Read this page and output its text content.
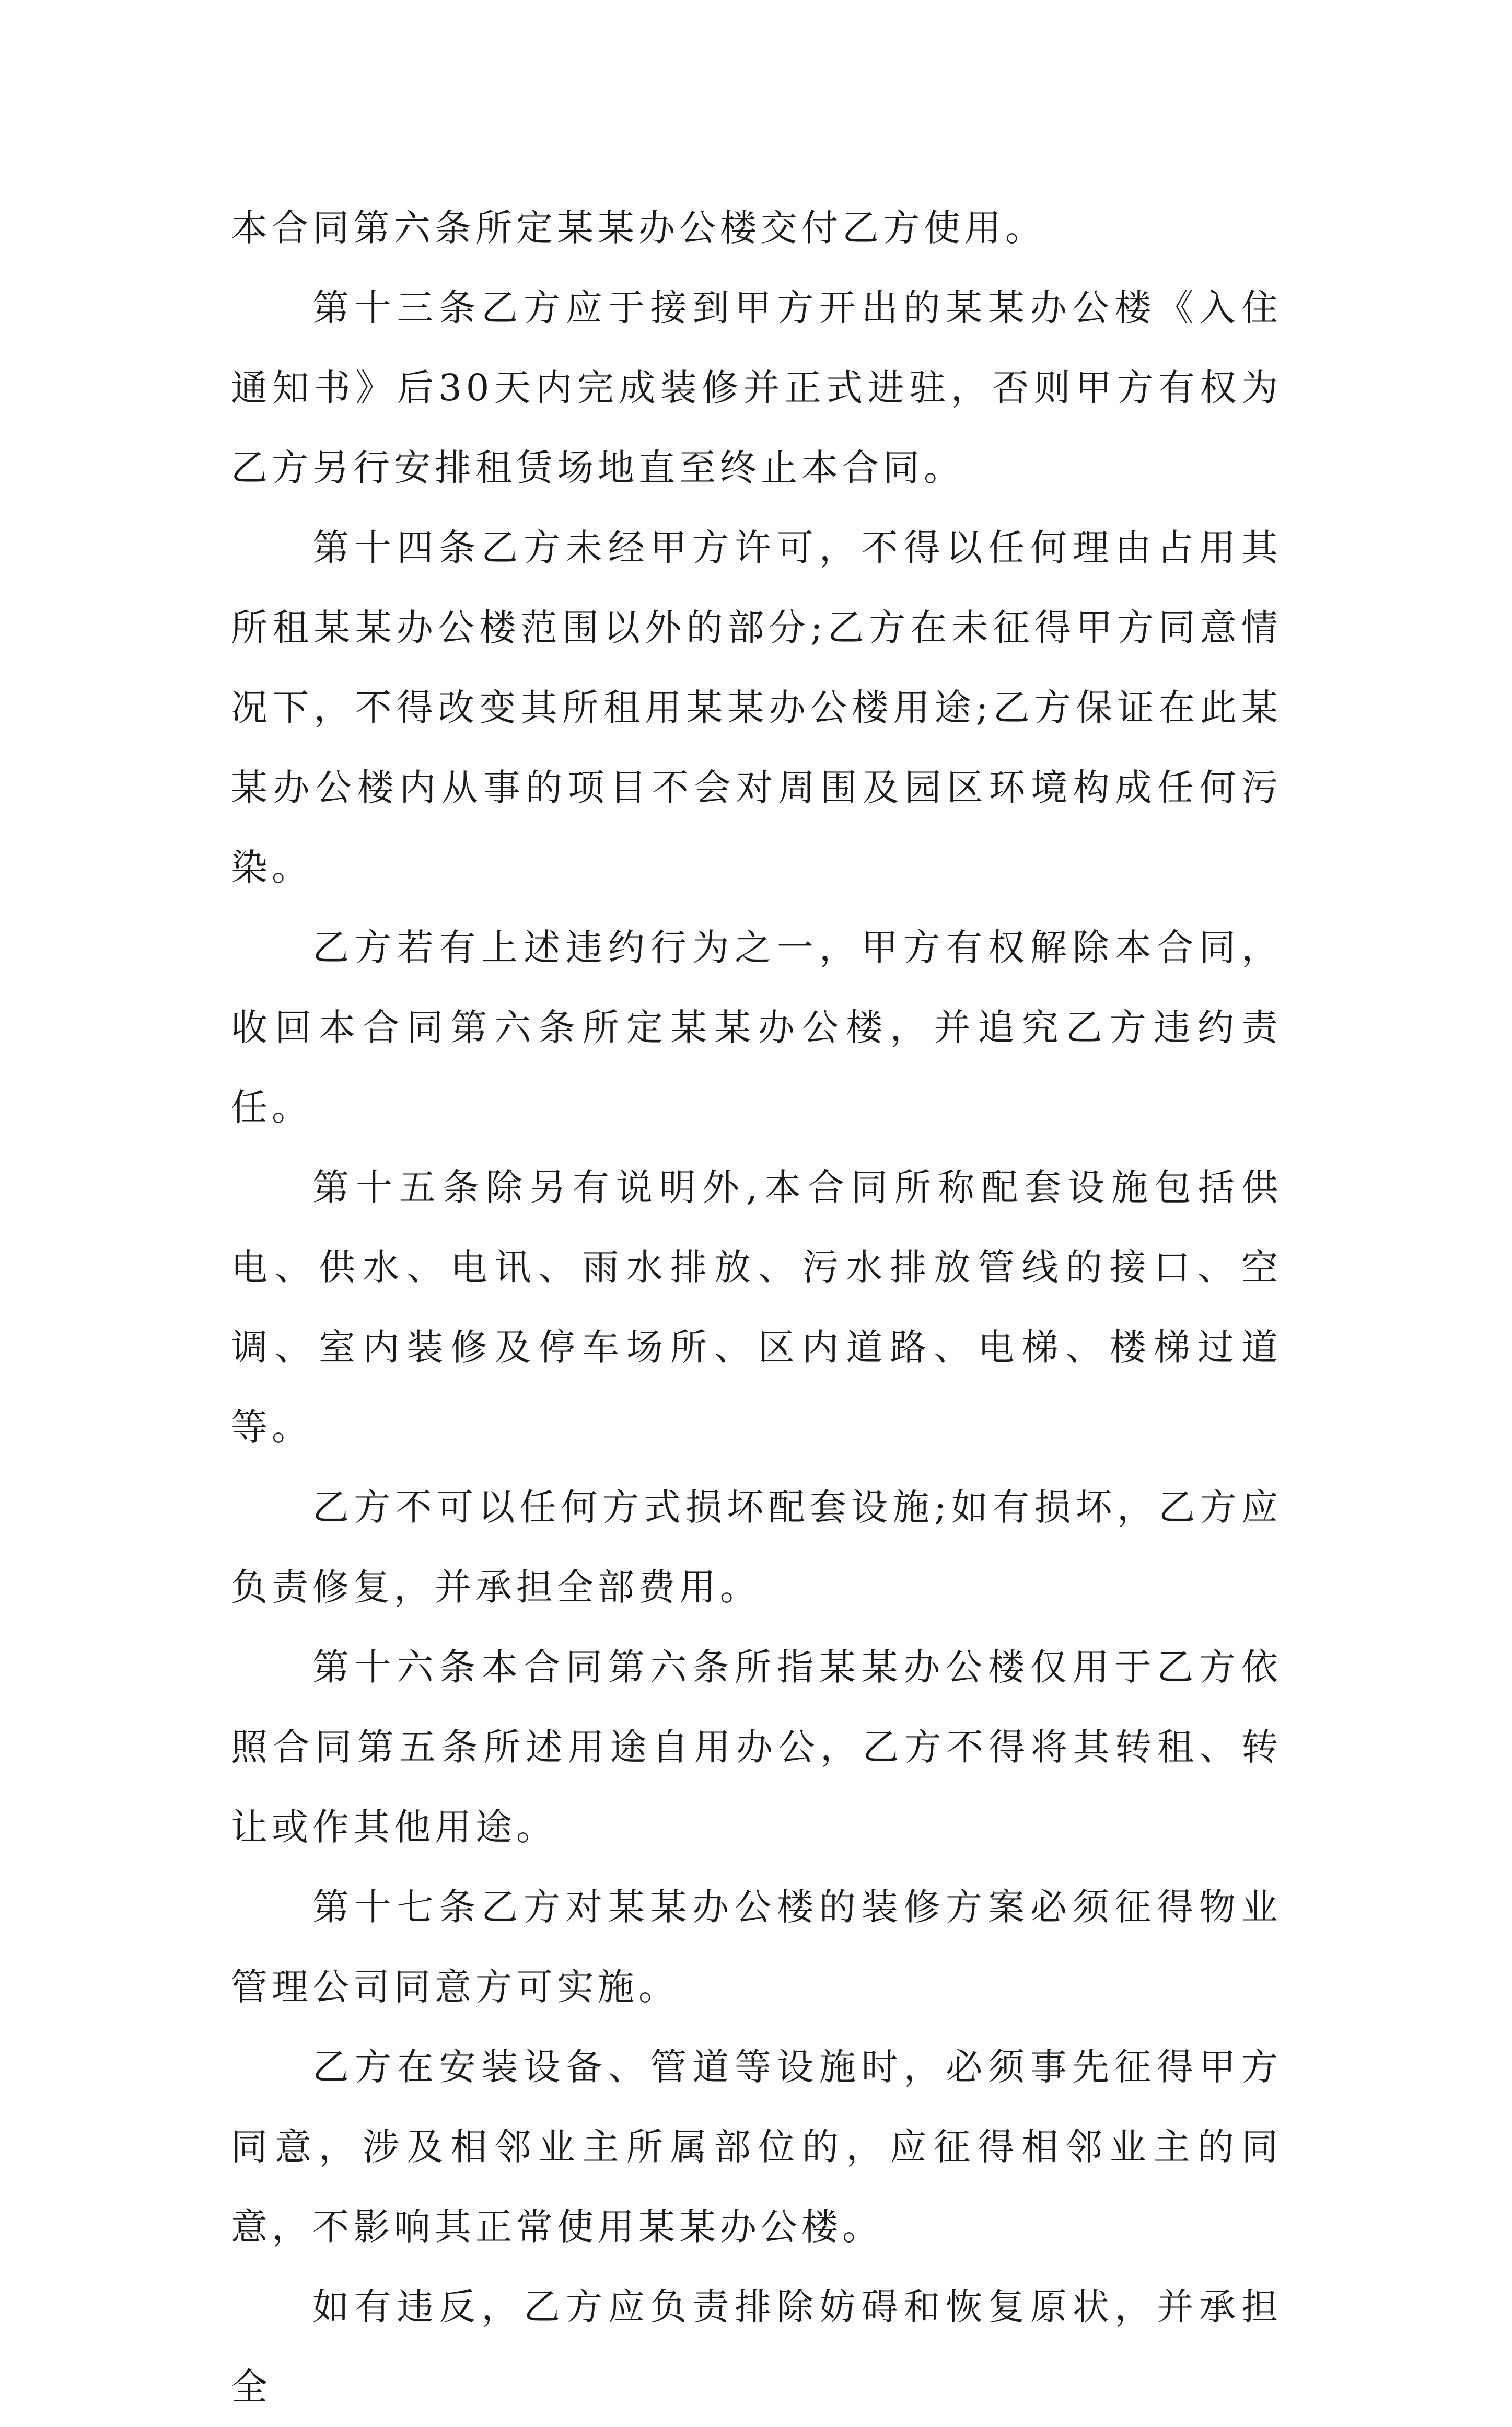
本合同第六条所定某某办公楼交付乙方使用。

第十三条乙方应于接到甲方开出的某某办公楼《入住通知书》后30天内完成装修并正式进驻，否则甲方有权为乙方另行安排租赁场地直至终止本合同。

第十四条乙方未经甲方许可，不得以任何理由占用其所租某某办公楼范围以外的部分;乙方在未征得甲方同意情况下，不得改变其所租用某某办公楼用途;乙方保证在此某某办公楼内从事的项目不会对周围及园区环境构成任何污染。

乙方若有上述违约行为之一，甲方有权解除本合同，收回本合同第六条所定某某办公楼，并追究乙方违约责任。

第十五条除另有说明外,本合同所称配套设施包括供电、供水、电讯、雨水排放、污水排放管线的接口、空调、室内装修及停车场所、区内道路、电梯、楼梯过道等。

乙方不可以任何方式损坏配套设施;如有损坏，乙方应负责修复，并承担全部费用。

第十六条本合同第六条所指某某办公楼仅用于乙方依照合同第五条所述用途自用办公，乙方不得将其转租、转让或作其他用途。

第十七条乙方对某某办公楼的装修方案必须征得物业管理公司同意方可实施。

乙方在安装设备、管道等设施时，必须事先征得甲方同意，涉及相邻业主所属部位的，应征得相邻业主的同意，不影响其正常使用某某办公楼。

如有违反，乙方应负责排除妨碍和恢复原状，并承担全
